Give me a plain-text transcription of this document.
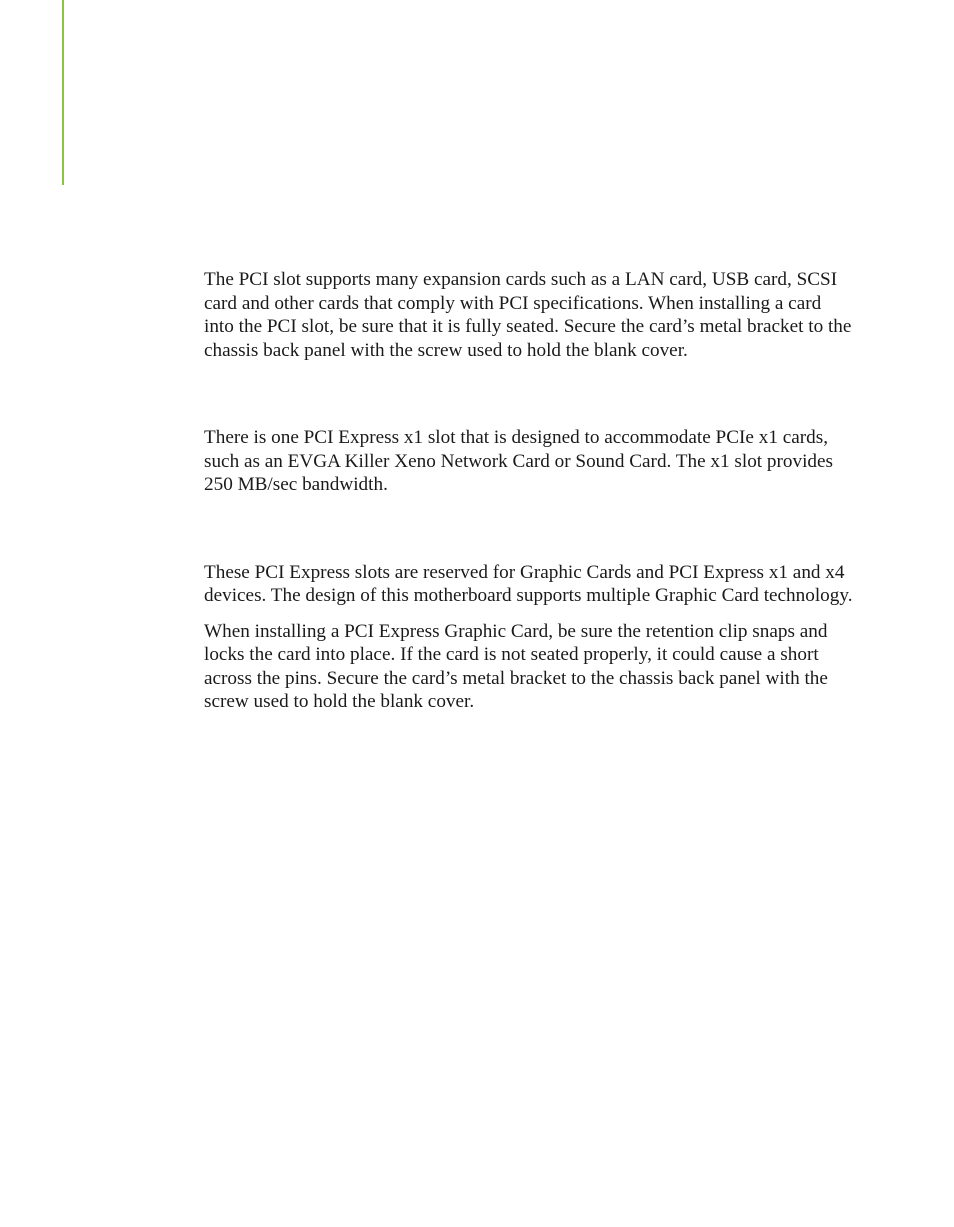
The PCI slot supports many expansion cards such as a LAN card, USB card, SCSI card and other cards that comply with PCI specifications. When installing a card into the PCI slot, be sure that it is fully seated. Secure the card’s metal bracket to the chassis back panel with the screw used to hold the blank cover.

There is one PCI Express x1 slot that is designed to accommodate PCIe x1 cards, such as an EVGA Killer Xeno Network Card or Sound Card. The x1 slot provides 250 MB/sec bandwidth.

These PCI Express slots are reserved for Graphic Cards and PCI Express x1 and x4 devices. The design of this motherboard supports multiple Graphic Card technology.

When installing a PCI Express Graphic Card, be sure the retention clip snaps and locks the card into place. If the card is not seated properly, it could cause a short across the pins. Secure the card’s metal bracket to the chassis back panel with the screw used to hold the blank cover.
